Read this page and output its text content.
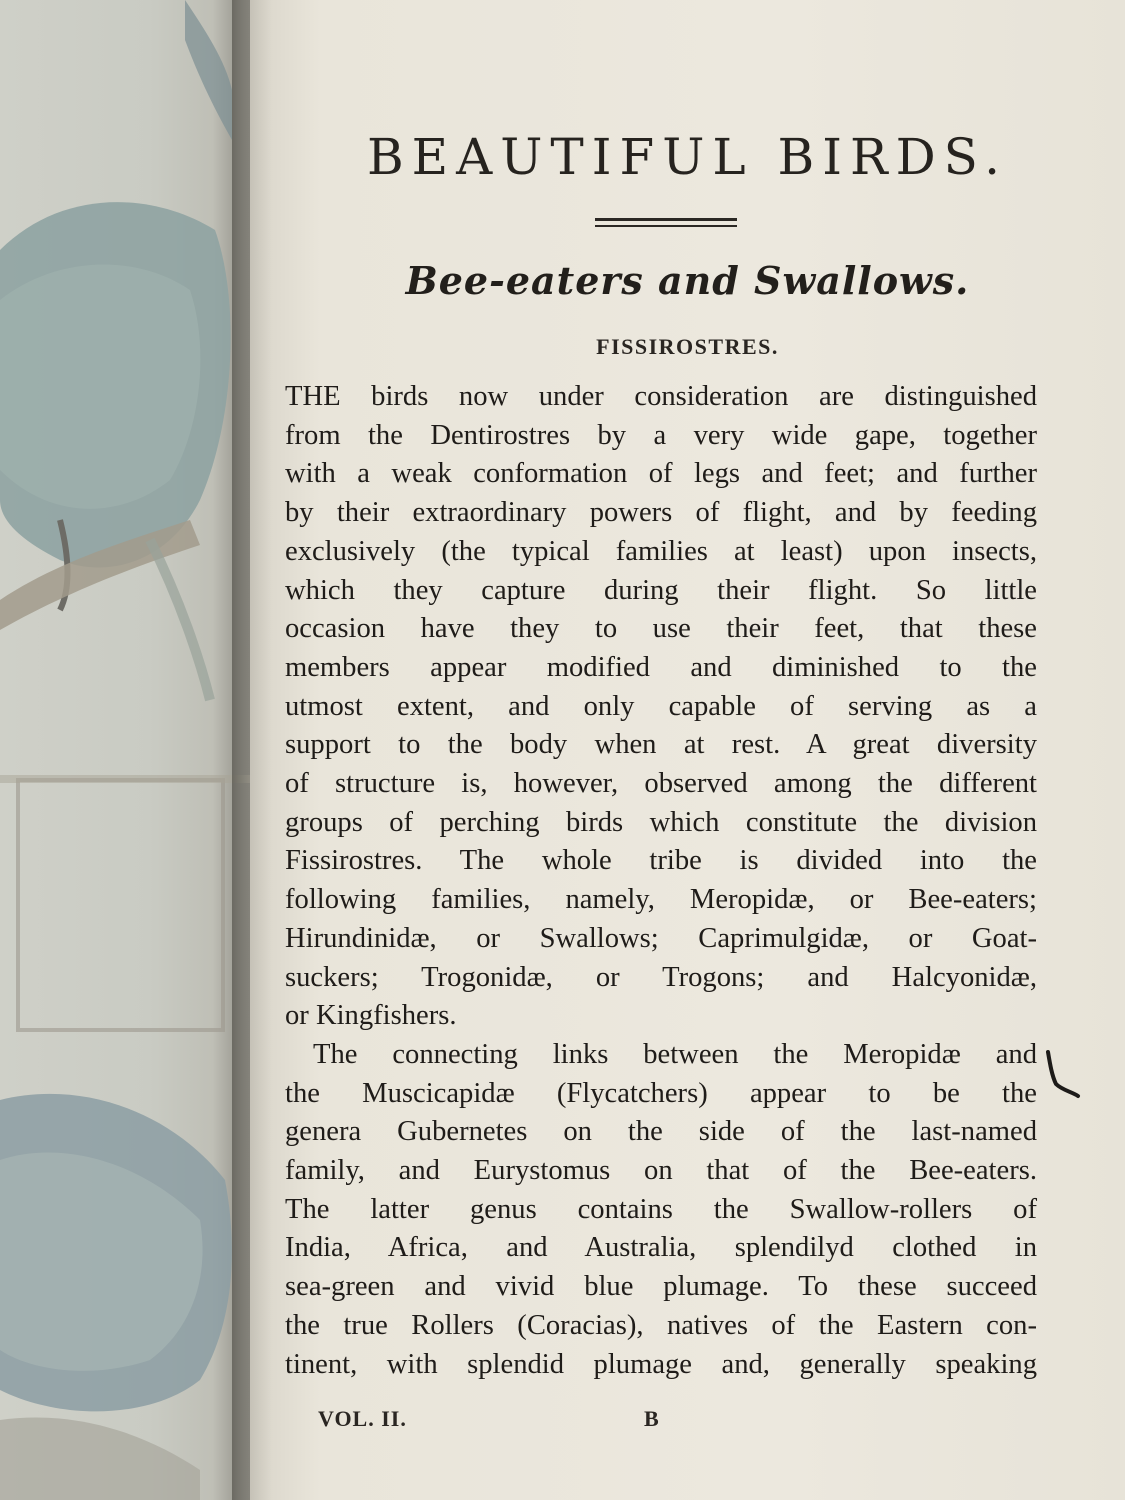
BEAUTIFUL BIRDS.
Bee-eaters and Swallows.
FISSIROSTRES.

THE birds now under consideration are distinguished
from the Dentirostres by a very wide gape, together
with a weak conformation of legs and feet; and further
by their extraordinary powers of flight, and by feeding
exclusively (the typical families at least) upon insects,
which they capture during their flight. So little
occasion have they to use their feet, that these
members appear modified and diminished to the
utmost extent, and only capable of serving as a
support to the body when at rest. A great diversity
of structure is, however, observed among the different
groups of perching birds which constitute the division
Fissirostres. The whole tribe is divided into the
following families, namely, Meropidæ, or Bee-eaters;
Hirundinidæ, or Swallows; Caprimulgidæ, or Goat-
suckers; Trogonidæ, or Trogons; and Halcyonidæ,
or Kingfishers.

The connecting links between the Meropidæ and
the Muscicapidæ (Flycatchers) appear to be the
genera Gubernetes on the side of the last-named
family, and Eurystomus on that of the Bee-eaters.
The latter genus contains the Swallow-rollers of
India, Africa, and Australia, splendilyd clothed in
sea-green and vivid blue plumage. To these succeed
the true Rollers (Coracias), natives of the Eastern con-
tinent, with splendid plumage and, generally speaking

VOL. II.	B
